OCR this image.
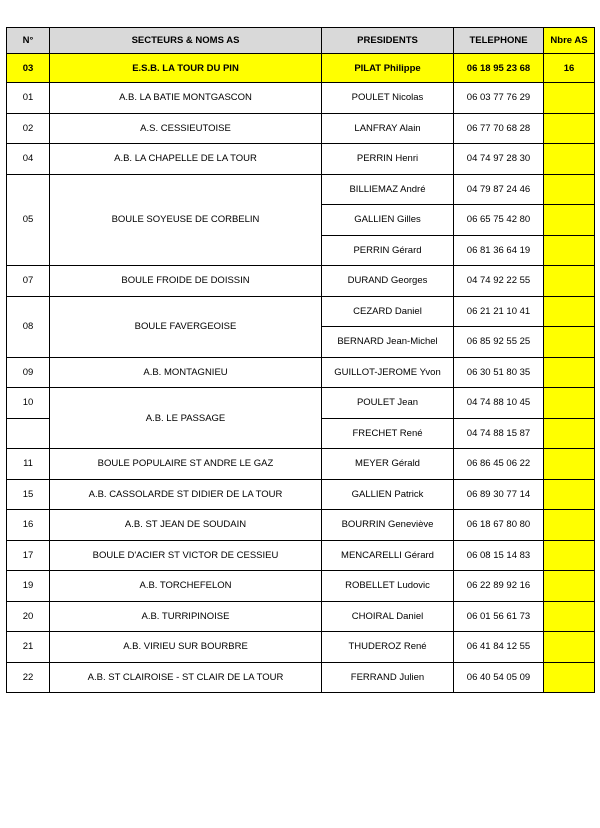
N°	SECTEURS & NOMS AS	PRESIDENTS	TELEPHONE	Nbre AS
03	E.S.B. LA TOUR DU PIN	PILAT Philippe	06 18 95 23 68	16
01	A.B. LA BATIE MONTGASCON	POULET Nicolas	06 03 77 76 29	
02	A.S. CESSIEUTOISE	LANFRAY Alain	06 77 70 68 28	
04	A.B. LA CHAPELLE DE LA TOUR	PERRIN Henri	04 74 97 28 30	
05	BOULE SOYEUSE DE CORBELIN	BILLIEMAZ André	04 79 87 24 46	
		GALLIEN Gilles	06 65 75 42 80	
		PERRIN Gérard	06 81 36 64 19	
07	BOULE FROIDE DE DOISSIN	DURAND Georges	04 74 92 22 55	
08	BOULE FAVERGEOISE	CEZARD Daniel	06 21 21 10 41	
		BERNARD Jean-Michel	06 85 92 55 25	
09	A.B. MONTAGNIEU	GUILLOT-JEROME Yvon	06 30 51 80 35	
10	A.B. LE PASSAGE	POULET Jean	04 74 88 10 45	
		FRECHET René	04 74 88 15 87	
11	BOULE POPULAIRE ST ANDRE LE GAZ	MEYER Gérald	06 86 45 06 22	
15	A.B. CASSOLARDE ST DIDIER DE LA TOUR	GALLIEN Patrick	06 89 30 77 14	
16	A.B. ST JEAN DE SOUDAIN	BOURRIN Geneviève	06 18 67 80 80	
17	BOULE D'ACIER ST VICTOR DE CESSIEU	MENCARELLI Gérard	06 08 15 14 83	
19	A.B. TORCHEFELON	ROBELLET Ludovic	06 22 89 92 16	
20	A.B. TURRIPINOISE	CHOIRAL Daniel	06 01 56 61 73	
21	A.B. VIRIEU SUR BOURBRE	THUDEROZ René	06 41 84 12 55	
22	A.B. ST CLAIROISE - ST CLAIR DE LA TOUR	FERRAND Julien	06 40 54 05 09	
